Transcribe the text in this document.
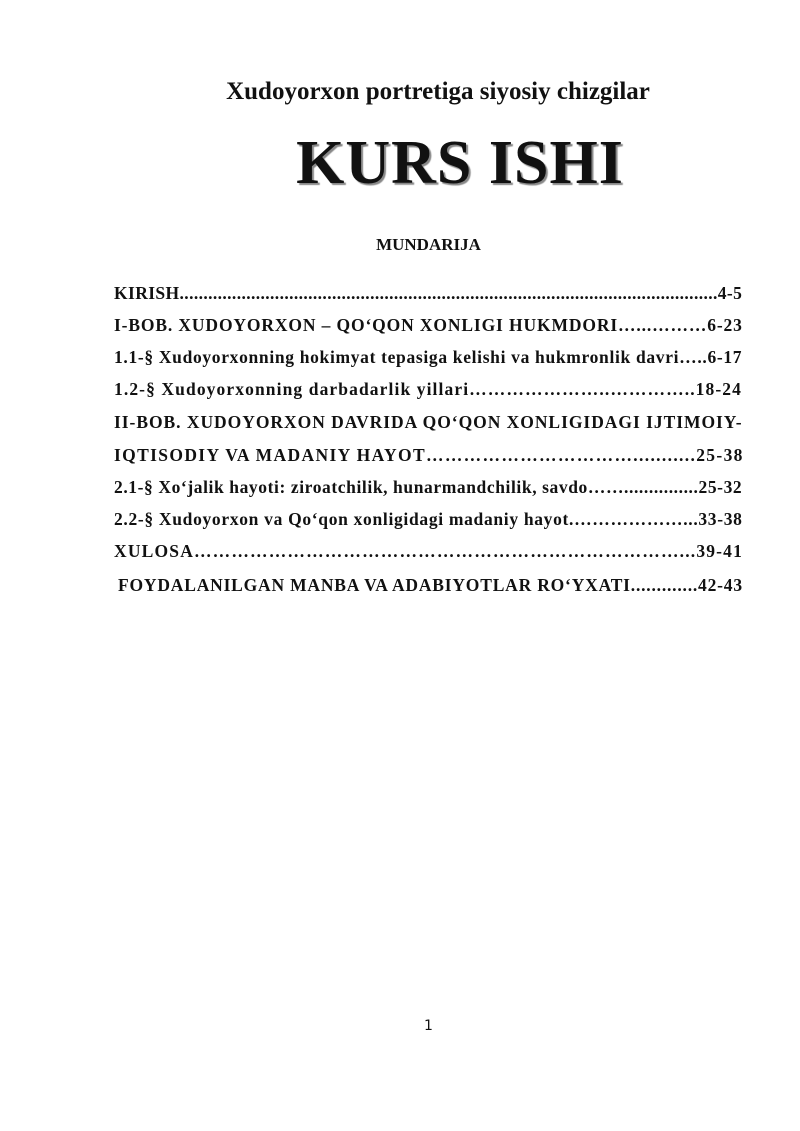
Xudoyorxon portretiga siyosiy chizgilar
KURS ISHI
MUNDARIJA
KIRISH.................................................................................................................4-5
I-BOB. XUDOYORXON – QO‘QON XONLIGI HUKMDORI…...………6-23
1.1-§ Xudoyorxonning hokimyat tepasiga kelishi va hukmronlik davri…..6-17
1.2-§ Xudoyorxonning darbadarlik yillari…………………..…………..18-24
II-BOB. XUDOYORXON DAVRIDA QO‘QON XONLIGIDAGI IJTIMOIY-
IQTISODIY VA MADANIY HAYOT……………………………...........25-38
2.1-§ Xo‘jalik hayoti: ziroatchilik, hunarmandchilik, savdo……...............25-32
2.2-§ Xudoyorxon va Qo‘qon xonligidagi madaniy hayot.………………...33-38
XULOSA……………………………………………………………………...39-41
FOYDALANILGAN MANBA VA ADABIYOTLAR RO‘YXATI.............42-43
1
